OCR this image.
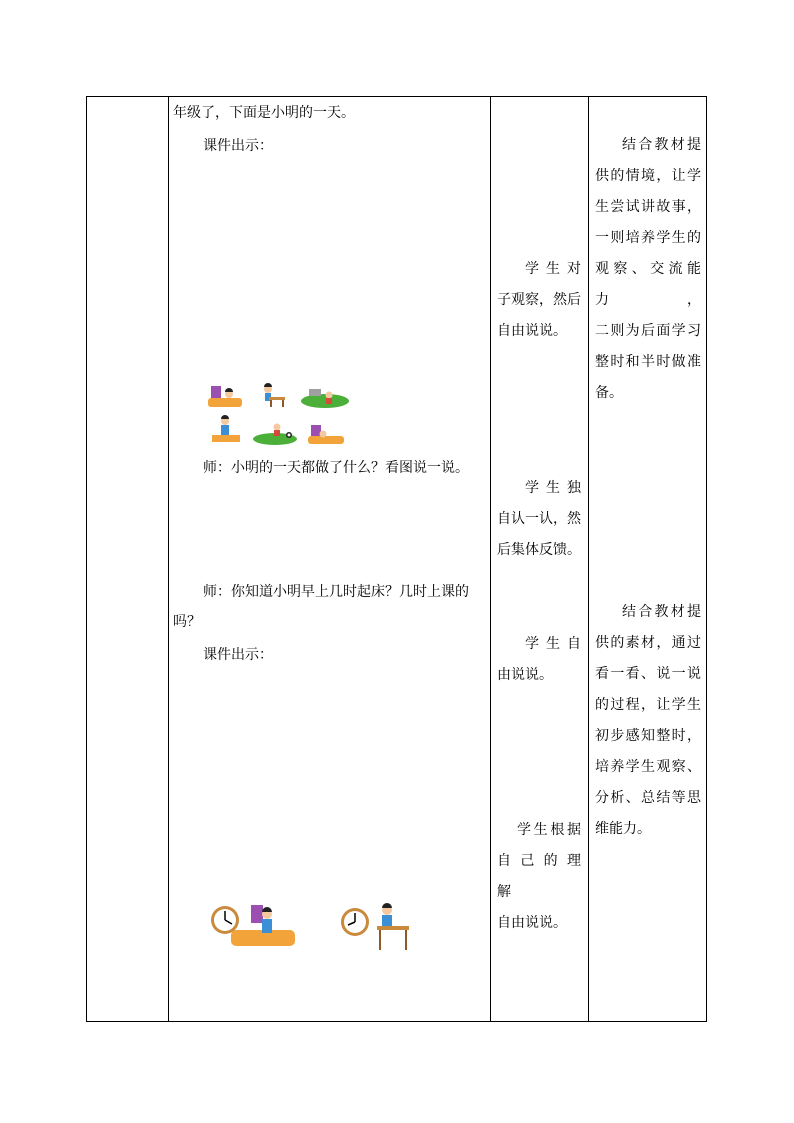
年级了，下面是小明的一天。
课件出示：
师：小明的一天都做了什么？看图说一说。
师：你知道小明早上几时起床？几时上课的
吗？
课件出示：
学 生 对
子观察，然后
自由说说。
学 生 独
自认一认，然
后集体反馈。
学 生 自
由说说。
学生根据
自 己 的 理 解
自由说说。
结合教材提
供的情境，让学
生尝试讲故事，
一则培养学生的
观察、交流能力，
二则为后面学习
整时和半时做准
备。
结合教材提
供的素材，通过
看一看、说一说
的过程，让学生
初步感知整时，
培养学生观察、
分析、总结等思
维能力。
